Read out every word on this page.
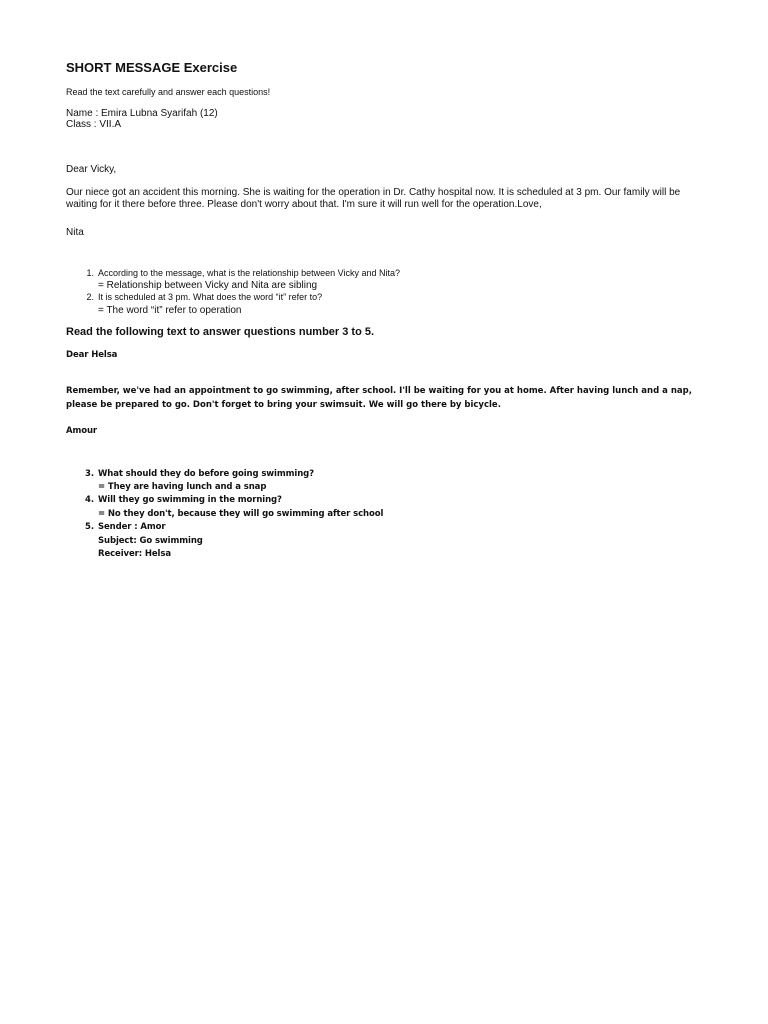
SHORT MESSAGE Exercise
Read the text carefully and answer each questions!
Name : Emira Lubna Syarifah (12)
Class : VII.A
Dear Vicky,
Our niece got an accident this morning. She is waiting for the operation in Dr. Cathy hospital now. It is scheduled at 3 pm. Our family will be waiting for it there before three. Please don't worry about that. I'm sure it will run well for the operation.Love,
Nita
1. According to the message, what is the relationship between Vicky and Nita?
= Relationship between Vicky and Nita are sibling
2. It is scheduled at 3 pm. What does the word “it” refer to?
= The word “it” refer to operation
Read the following text to answer questions number 3 to 5.
Dear Helsa
Remember, we've had an appointment to go swimming, after school. I'll be waiting for you at home. After having lunch and a nap, please be prepared to go. Don't forget to bring your swimsuit. We will go there by bicycle.
Amour
3. What should they do before going swimming?
= They are having lunch and a snap
4. Will they go swimming in the morning?
= No they don't, because they will go swimming after school
5. Sender : Amor
Subject: Go swimming
Receiver: Helsa
